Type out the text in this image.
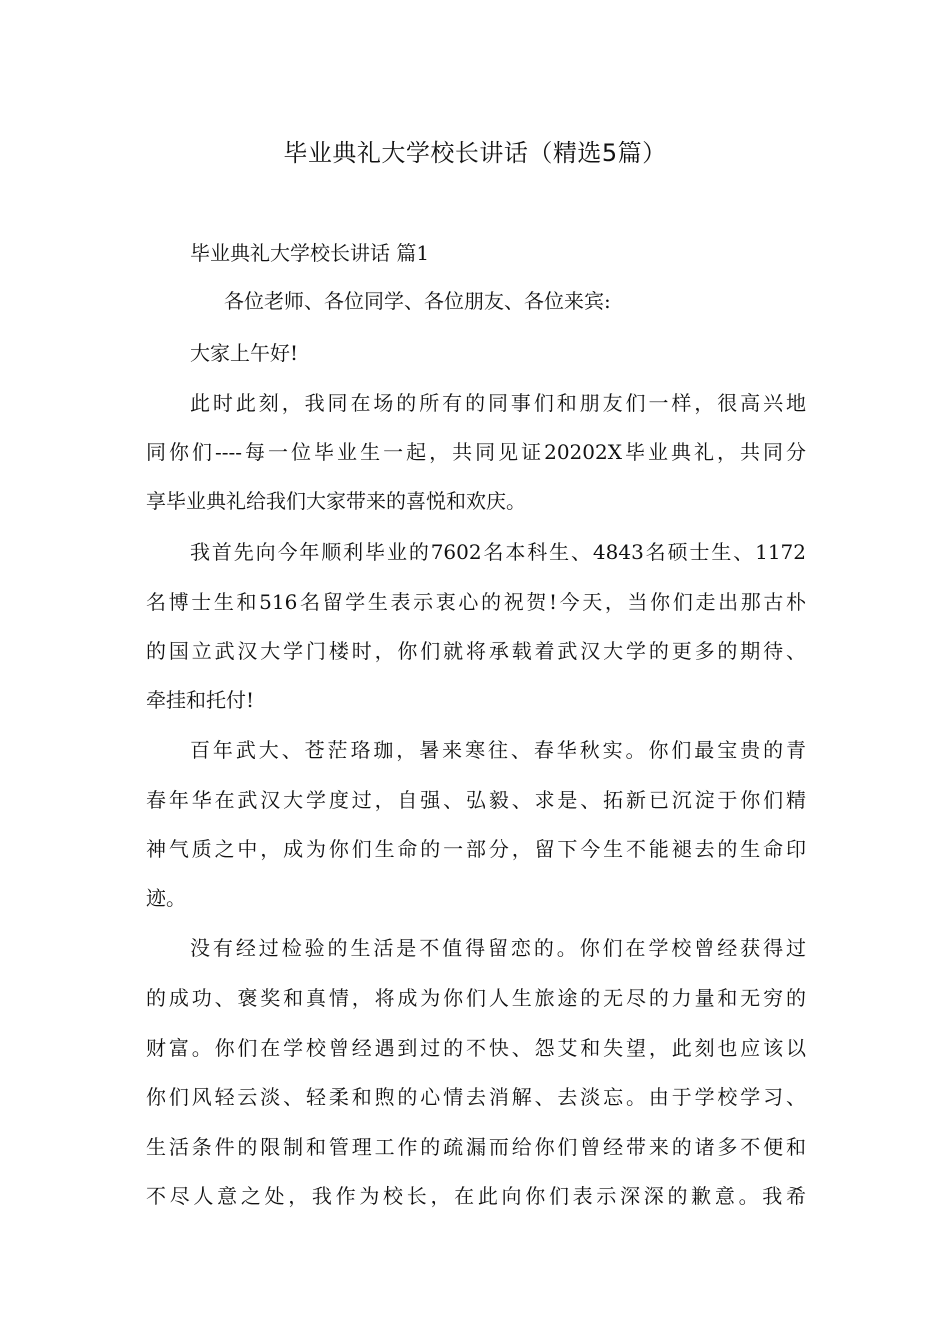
毕业典礼大学校长讲话（精选5篇）
毕业典礼大学校长讲话 篇1
各位老师、各位同学、各位朋友、各位来宾:
大家上午好!
此时此刻，我同在场的所有的同事们和朋友们一样，很高兴地
同你们----每一位毕业生一起，共同见证20202X毕业典礼，共同分
享毕业典礼给我们大家带来的喜悦和欢庆。
我首先向今年顺利毕业的7602名本科生、4843名硕士生、1172
名博士生和516名留学生表示衷心的祝贺!今天，当你们走出那古朴
的国立武汉大学门楼时，你们就将承载着武汉大学的更多的期待、
牵挂和托付!
百年武大、苍茫珞珈，暑来寒往、春华秋实。你们最宝贵的青
春年华在武汉大学度过，自强、弘毅、求是、拓新已沉淀于你们精
神气质之中，成为你们生命的一部分，留下今生不能褪去的生命印
迹。
没有经过检验的生活是不值得留恋的。你们在学校曾经获得过
的成功、褒奖和真情，将成为你们人生旅途的无尽的力量和无穷的
财富。你们在学校曾经遇到过的不快、怨艾和失望，此刻也应该以
你们风轻云淡、轻柔和煦的心情去消解、去淡忘。由于学校学习、
生活条件的限制和管理工作的疏漏而给你们曾经带来的诸多不便和
不尽人意之处，我作为校长，在此向你们表示深深的歉意。我希
